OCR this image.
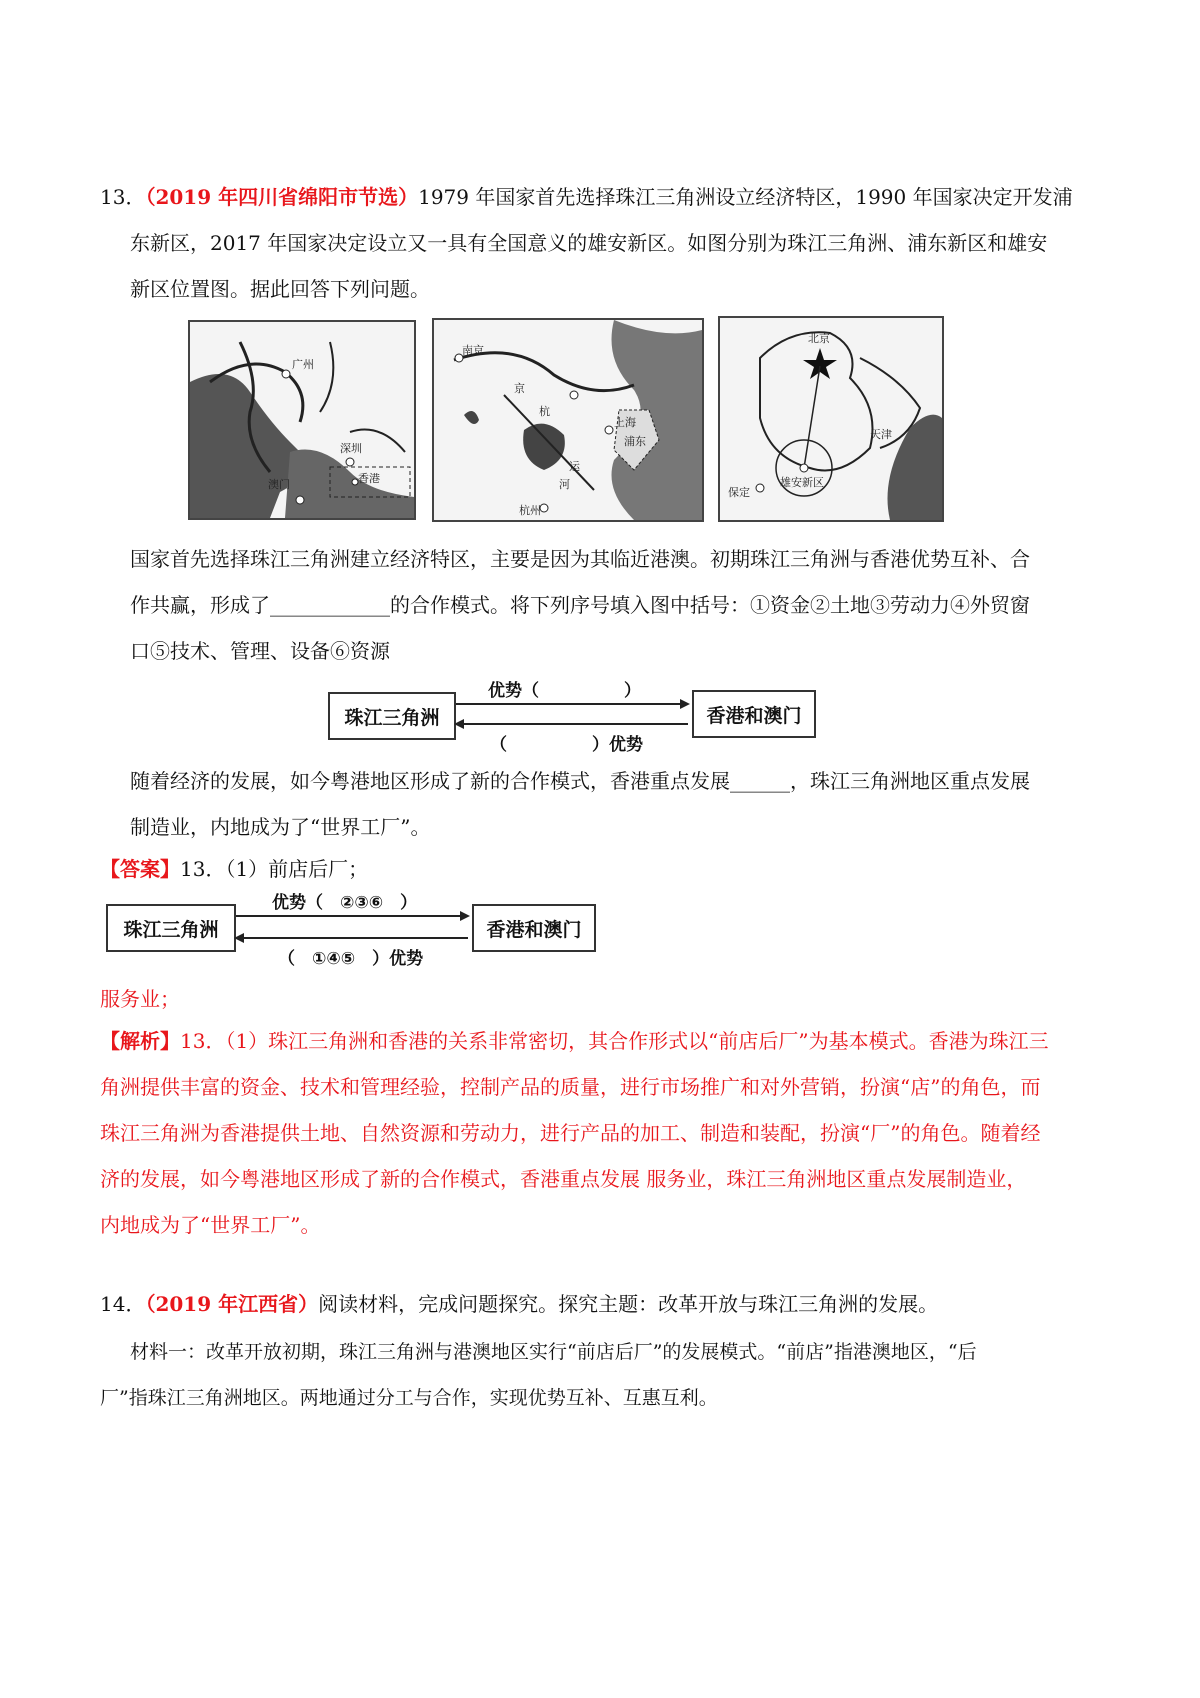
13．（2019 年四川省绵阳市节选）1979 年国家首先选择珠江三角洲设立经济特区，1990 年国家决定开发浦
东新区，2017 年国家决定设立又一具有全国意义的雄安新区。如图分别为珠江三角洲、浦东新区和雄安
新区位置图。据此回答下列问题。
广州
深圳
香港
澳门
南京
京
杭
上海
运
河
杭州
浦东
北京
天津
雄安新区
保定
国家首先选择珠江三角洲建立经济特区，主要是因为其临近港澳。初期珠江三角洲与香港优势互补、合
作共赢，形成了____________的合作模式。将下列序号填入图中括号：①资金②土地③劳动力④外贸窗
口⑤技术、管理、设备⑥资源
珠江三角洲	香港和澳门
优势（　　　　　）
（　　　　　）优势
随着经济的发展，如今粤港地区形成了新的合作模式，香港重点发展______，珠江三角洲地区重点发展
制造业，内地成为了“世界工厂”。
【答案】13．（1）前店后厂；
珠江三角洲	香港和澳门
优势（　②③⑥　）
（　①④⑤　）优势
服务业；
【解析】13．（1）珠江三角洲和香港的关系非常密切，其合作形式以“前店后厂”为基本模式。香港为珠江三
角洲提供丰富的资金、技术和管理经验，控制产品的质量，进行市场推广和对外营销，扮演“店”的角色，而
珠江三角洲为香港提供土地、自然资源和劳动力，进行产品的加工、制造和装配，扮演“厂”的角色。随着经
济的发展，如今粤港地区形成了新的合作模式，香港重点发展 服务业，珠江三角洲地区重点发展制造业，
内地成为了“世界工厂”。
14．（2019 年江西省）阅读材料，完成问题探究。探究主题：改革开放与珠江三角洲的发展。
材料一：改革开放初期，珠江三角洲与港澳地区实行“前店后厂”的发展模式。“前店”指港澳地区，“后
厂”指珠江三角洲地区。两地通过分工与合作，实现优势互补、互惠互利。
